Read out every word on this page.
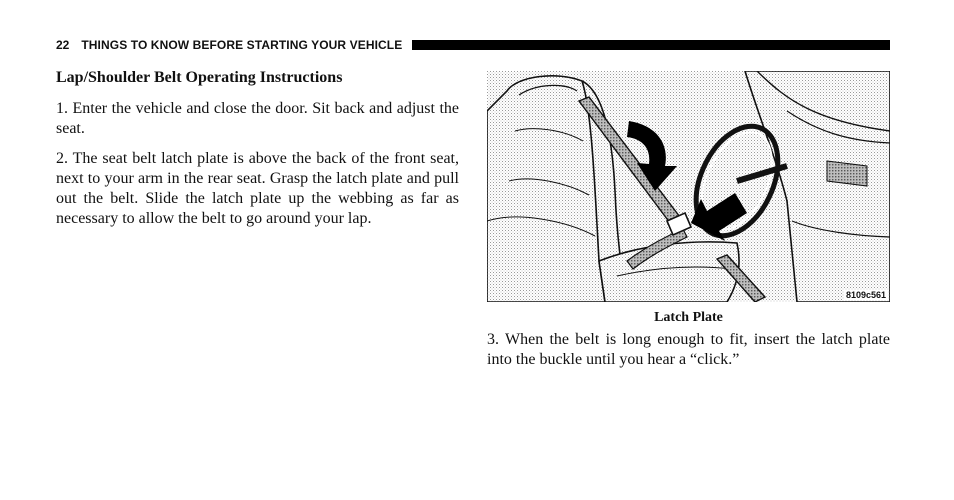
22 THINGS TO KNOW BEFORE STARTING YOUR VEHICLE
Lap/Shoulder Belt Operating Instructions

1. Enter the vehicle and close the door. Sit back and adjust the seat.

2. The seat belt latch plate is above the back of the front seat, next to your arm in the rear seat. Grasp the latch plate and pull out the belt. Slide the latch plate up the webbing as far as necessary to allow the belt to go around your lap.

8109c561
Latch Plate

3. When the belt is long enough to fit, insert the latch plate into the buckle until you hear a “click.”
